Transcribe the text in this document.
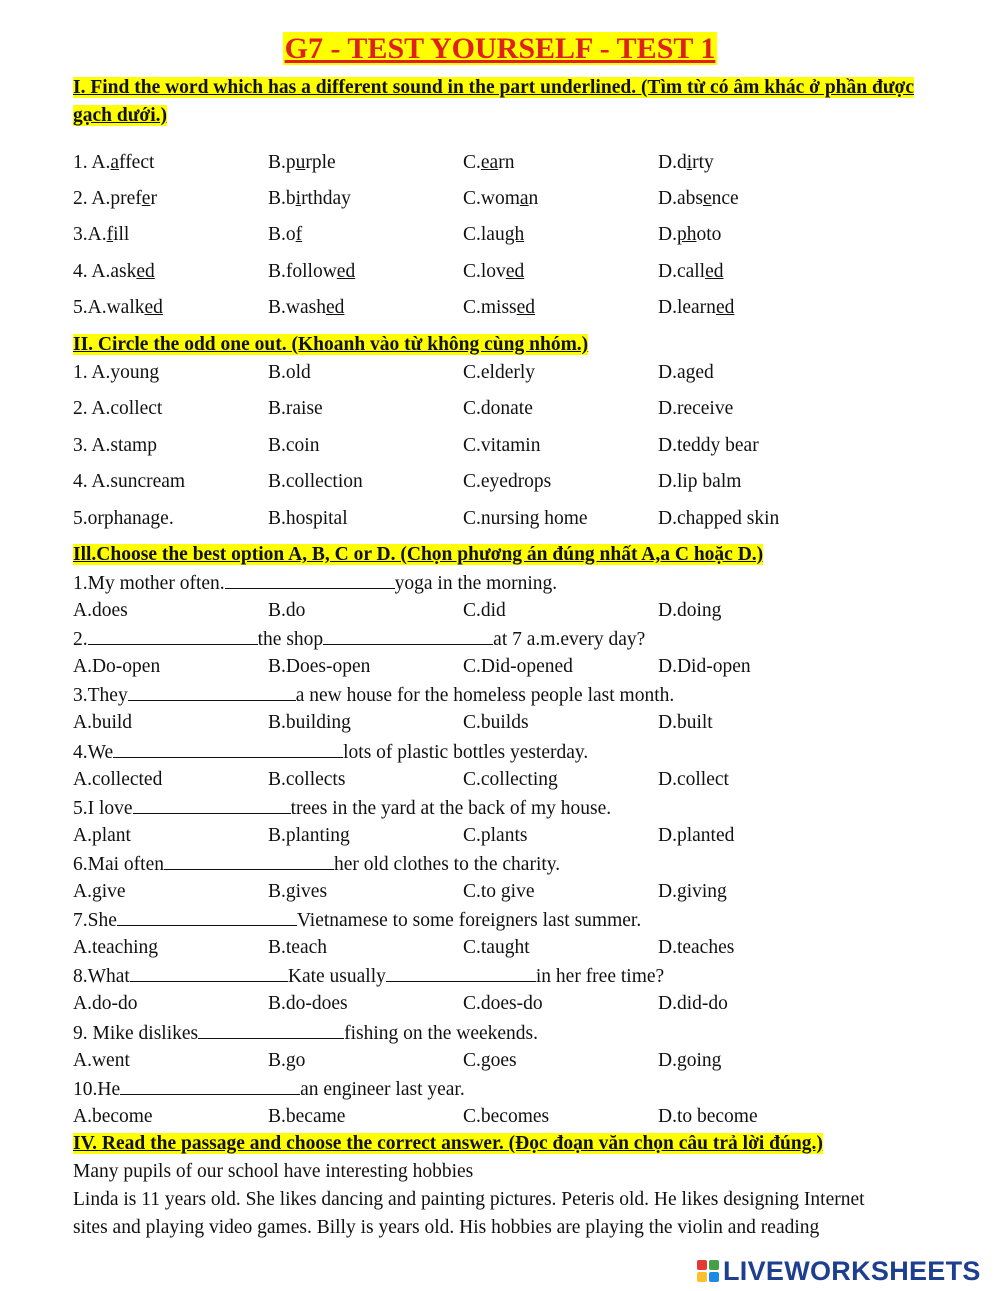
G7 - TEST YOURSELF - TEST 1
I. Find the word which has a different sound in the part underlined. (Tìm từ có âm khác ở phần được gạch dưới.)
1. A.affect	B.purple	C.earn	D.dirty
2. A.prefer	B.birthday	C.woman	D.absence
3.A.fill	B.of	C.laugh	D.photo
4. A.asked	B.followed	C.loved	D.called
5.A.walked	B.washed	C.missed	D.learned
II. Circle the odd one out. (Khoanh vào từ không cùng nhóm.)
1. A.young	B.old	C.elderly	D.aged
2. A.collect	B.raise	C.donate	D.receive
3. A.stamp	B.coin	C.vitamin	D.teddy bear
4. A.suncream	B.collection	C.eyedrops	D.lip balm
5.orphanage.	B.hospital	C.nursing home	D.chapped skin
Ill.Choose the best option A, B, C or D. (Chọn phương án đúng nhất A,a C hoặc D.)
1.My mother often.	yoga in the morning.
A.does	B.do	C.did	D.doing
2.	the shop	at 7 a.m.every day?
A.Do-open	B.Does-open	C.Did-opened	D.Did-open
3.They	a new house for the homeless people last month.
A.build	B.building	C.builds	D.built
4.We	lots of plastic bottles yesterday.
A.collected	B.collects	C.collecting	D.collect
5.I love	trees in the yard at the back of my house.
A.plant	B.planting	C.plants	D.planted
6.Mai often	her old clothes to the charity.
A.give	B.gives	C.to give	D.giving
7.She	Vietnamese to some foreigners last summer.
A.teaching	B.teach	C.taught	D.teaches
8.What	Kate usually	in her free time?
A.do-do	B.do-does	C.does-do	D.did-do
9. Mike dislikes	fishing on the weekends.
A.went	B.go	C.goes	D.going
10.He	an engineer last year.
A.become	B.became	C.becomes	D.to become
IV. Read the passage and choose the correct answer. (Đọc đoạn văn chọn câu trả lời đúng.)
Many pupils of our school have interesting hobbies
Linda is 11 years old. She likes dancing and painting pictures. Peteris old. He likes designing Internet
sites and playing video games. Billy is years old. His hobbies are playing the violin and reading
LIVEWORKSHEETS
